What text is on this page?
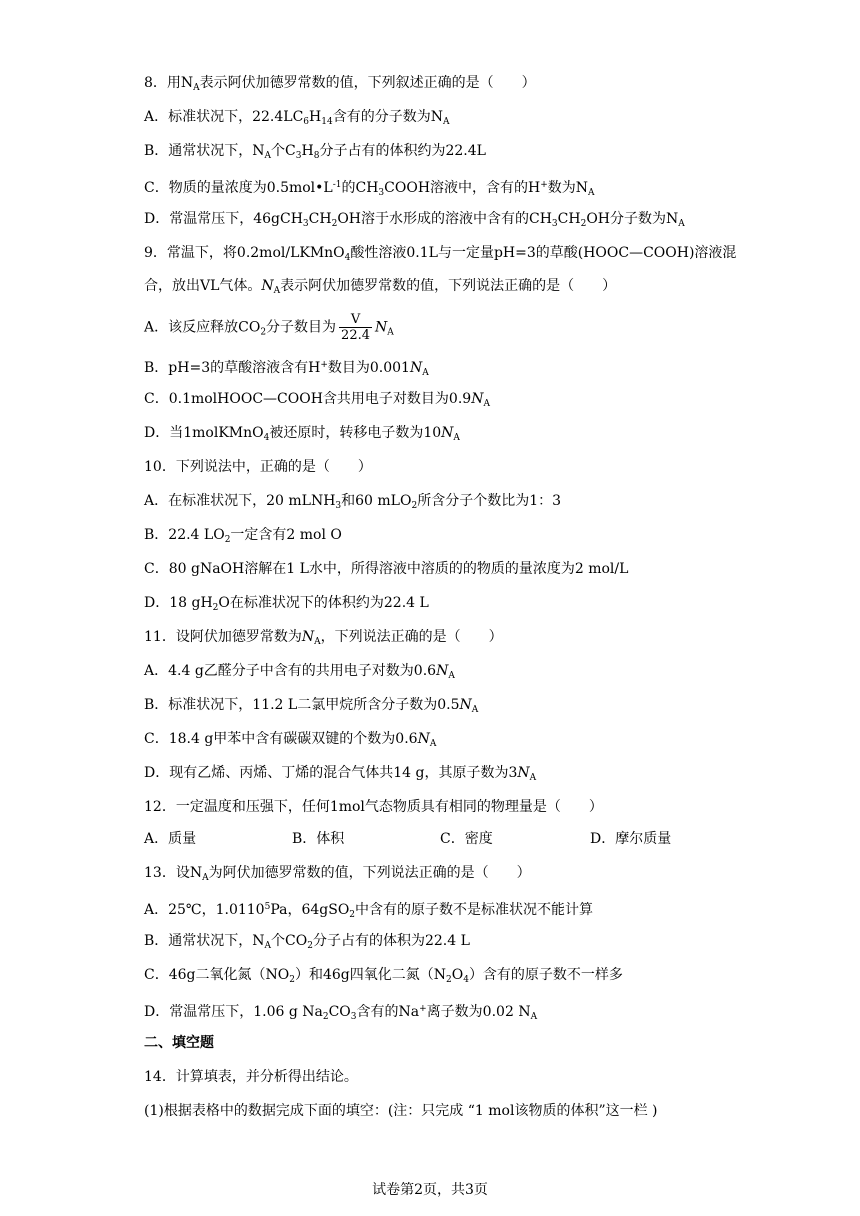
8．用$N_A$表示阿伏加德罗常数的值，下列叙述正确的是（　　）
A．标准状况下，$22.4LC_6H_{14}$含有的分子数为$N_A$
B．通常状况下，$N_A$个$C_3H_8$分子占有的体积约为22.4L
C．物质的量浓度为$0.5mol•L^{-1}$的$CH_3COOH$溶液中，含有的H+数为$N_A$
D．常温常压下，$46gCH_3CH_2OH$溶于水形成的溶液中含有的$CH_3CH_2OH$分子数为$N_A$
9．常温下，将0.2mol/LKMnO$_4$酸性溶液0.1L与一定量pH=3的草酸(HOOC—COOH)溶液混
合，放出VL气体。$N_A$表示阿伏加德罗常数的值，下列说法正确的是（　　）
A．该反应释放$CO_2$分子数目为 $\frac{V}{22.4} N_A$
B．pH=3的草酸溶液含有H+数目为$0.001N_A$
C．0.1molHOOC—COOH含共用电子对数目为$0.9N_A$
D．当1molKMnO$_4$被还原时，转移电子数为$10N_A$
10．下列说法中，正确的是（　　）
A．在标准状况下，20 mLNH$_3$和60 mLO$_2$所含分子个数比为1：3
B．22.4 $LO_2$一定含有2 mol O
C．80 gNaOH溶解在1 L水中，所得溶液中溶质的的物质的量浓度为2 mol/L
D．18 $gH_2O$在标准状况下的体积约为22.4 L
11．设阿伏加德罗常数为$N_A$，下列说法正确的是（　　）
A．4.4 g乙醛分子中含有的共用电子对数为$0.6N_A$
B．标准状况下，11.2 L二氯甲烷所含分子数为$0.5N_A$
C．18.4 g甲苯中含有碳碳双键的个数为$0.6N_A$
D．现有乙烯、丙烯、丁烯的混合气体共14 g，其原子数为$3N_A$
12．一定温度和压强下，任何1mol气态物质具有相同的物理量是（　　）
A．质量	B．体积	C．密度	D．摩尔质量
13．设$N_A$为阿伏加德罗常数的值，下列说法正确的是（　　）
A．25℃，1.0110$^5$Pa，64gSO$_2$中含有的原子数不是标准状况不能计算
B．通常状况下，$N_A$个$CO_2$分子占有的体积为22.4 L
C．46g二氧化氮$(NO_2)$和46g四氧化二氮$(N_2O_4)$含有的原子数不一样多
D．常温常压下，1.06 g $Na_2CO_3$含有的Na+离子数为0.02 $N_A$
二、填空题
14．计算填表，并分析得出结论。
(1)根据表格中的数据完成下面的填空：(注：只完成 “1 mol该物质的体积”这一栏 )
试卷第2页，共3页
